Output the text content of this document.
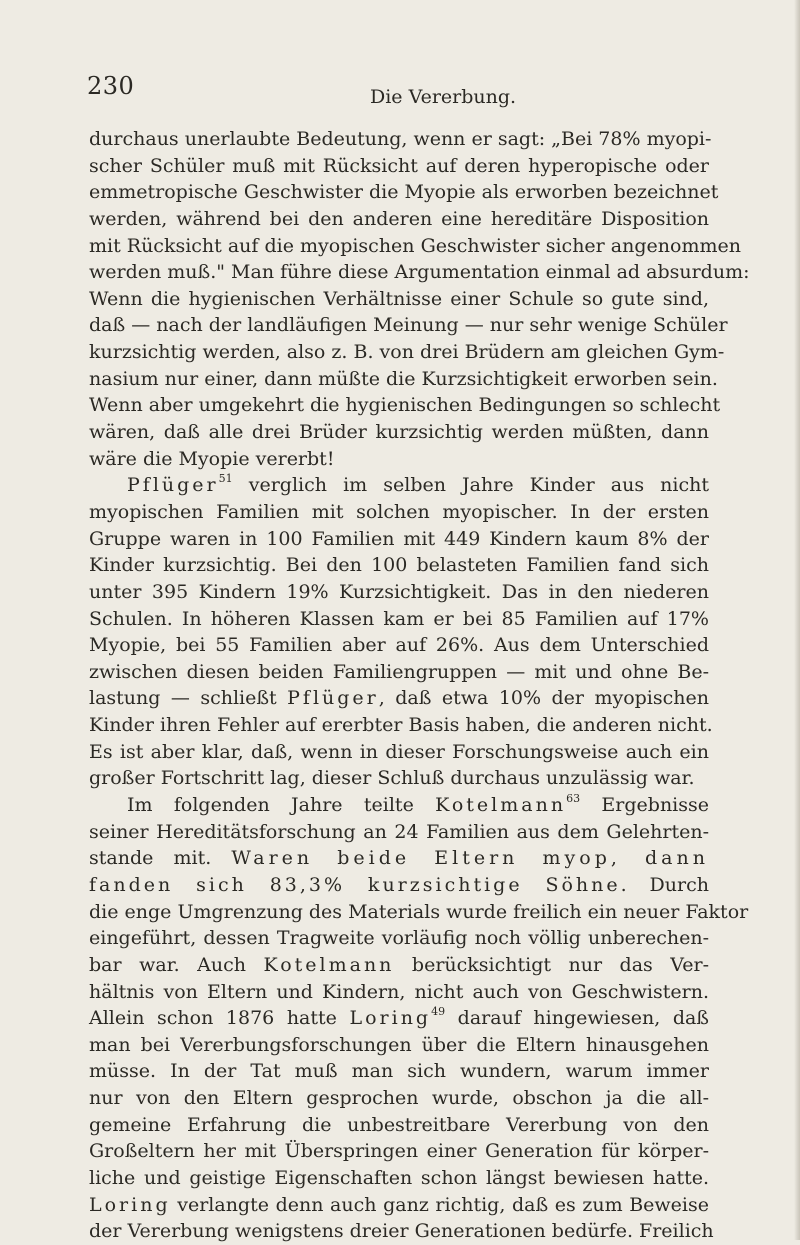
230	Die Vererbung.
durchaus unerlaubte Bedeutung, wenn er sagt: „Bei 78% myopi-
scher Schüler muß mit Rücksicht auf deren hyperopische oder
emmetropische Geschwister die Myopie als erworben bezeichnet
werden, während bei den anderen eine hereditäre Disposition
mit Rücksicht auf die myopischen Geschwister sicher angenommen
werden muß." Man führe diese Argumentation einmal ad absurdum:
Wenn die hygienischen Verhältnisse einer Schule so gute sind,
daß — nach der landläufigen Meinung — nur sehr wenige Schüler
kurzsichtig werden, also z. B. von drei Brüdern am gleichen Gym-
nasium nur einer, dann müßte die Kurzsichtigkeit erworben sein.
Wenn aber umgekehrt die hygienischen Bedingungen so schlecht
wären, daß alle drei Brüder kurzsichtig werden müßten, dann
wäre die Myopie vererbt!
Pflüger$^{51}$ verglich im selben Jahre Kinder aus nicht
myopischen Familien mit solchen myopischer. In der ersten
Gruppe waren in 100 Familien mit 449 Kindern kaum 8% der
Kinder kurzsichtig. Bei den 100 belasteten Familien fand sich
unter 395 Kindern 19% Kurzsichtigkeit. Das in den niederen
Schulen. In höheren Klassen kam er bei 85 Familien auf 17%
Myopie, bei 55 Familien aber auf 26%. Aus dem Unterschied
zwischen diesen beiden Familiengruppen — mit und ohne Be-
lastung — schließt Pflüger, daß etwa 10% der myopischen
Kinder ihren Fehler auf ererbter Basis haben, die anderen nicht.
Es ist aber klar, daß, wenn in dieser Forschungsweise auch ein
großer Fortschritt lag, dieser Schluß durchaus unzulässig war.
Im folgenden Jahre teilte Kotelmann$^{63}$ Ergebnisse
seiner Hereditätsforschung an 24 Familien aus dem Gelehrten-
stande mit. Waren beide Eltern myop, dann
fanden sich 83,3% kurzsichtige Söhne. Durch
die enge Umgrenzung des Materials wurde freilich ein neuer Faktor
eingeführt, dessen Tragweite vorläufig noch völlig unberechen-
bar war. Auch Kotelmann berücksichtigt nur das Ver-
hältnis von Eltern und Kindern, nicht auch von Geschwistern.
Allein schon 1876 hatte Loring$^{49}$ darauf hingewiesen, daß
man bei Vererbungsforschungen über die Eltern hinausgehen
müsse. In der Tat muß man sich wundern, warum immer
nur von den Eltern gesprochen wurde, obschon ja die all-
gemeine Erfahrung die unbestreitbare Vererbung von den
Großeltern her mit Überspringen einer Generation für körper-
liche und geistige Eigenschaften schon längst bewiesen hatte.
Loring verlangte denn auch ganz richtig, daß es zum Beweise
der Vererbung wenigstens dreier Generationen bedürfe. Freilich
